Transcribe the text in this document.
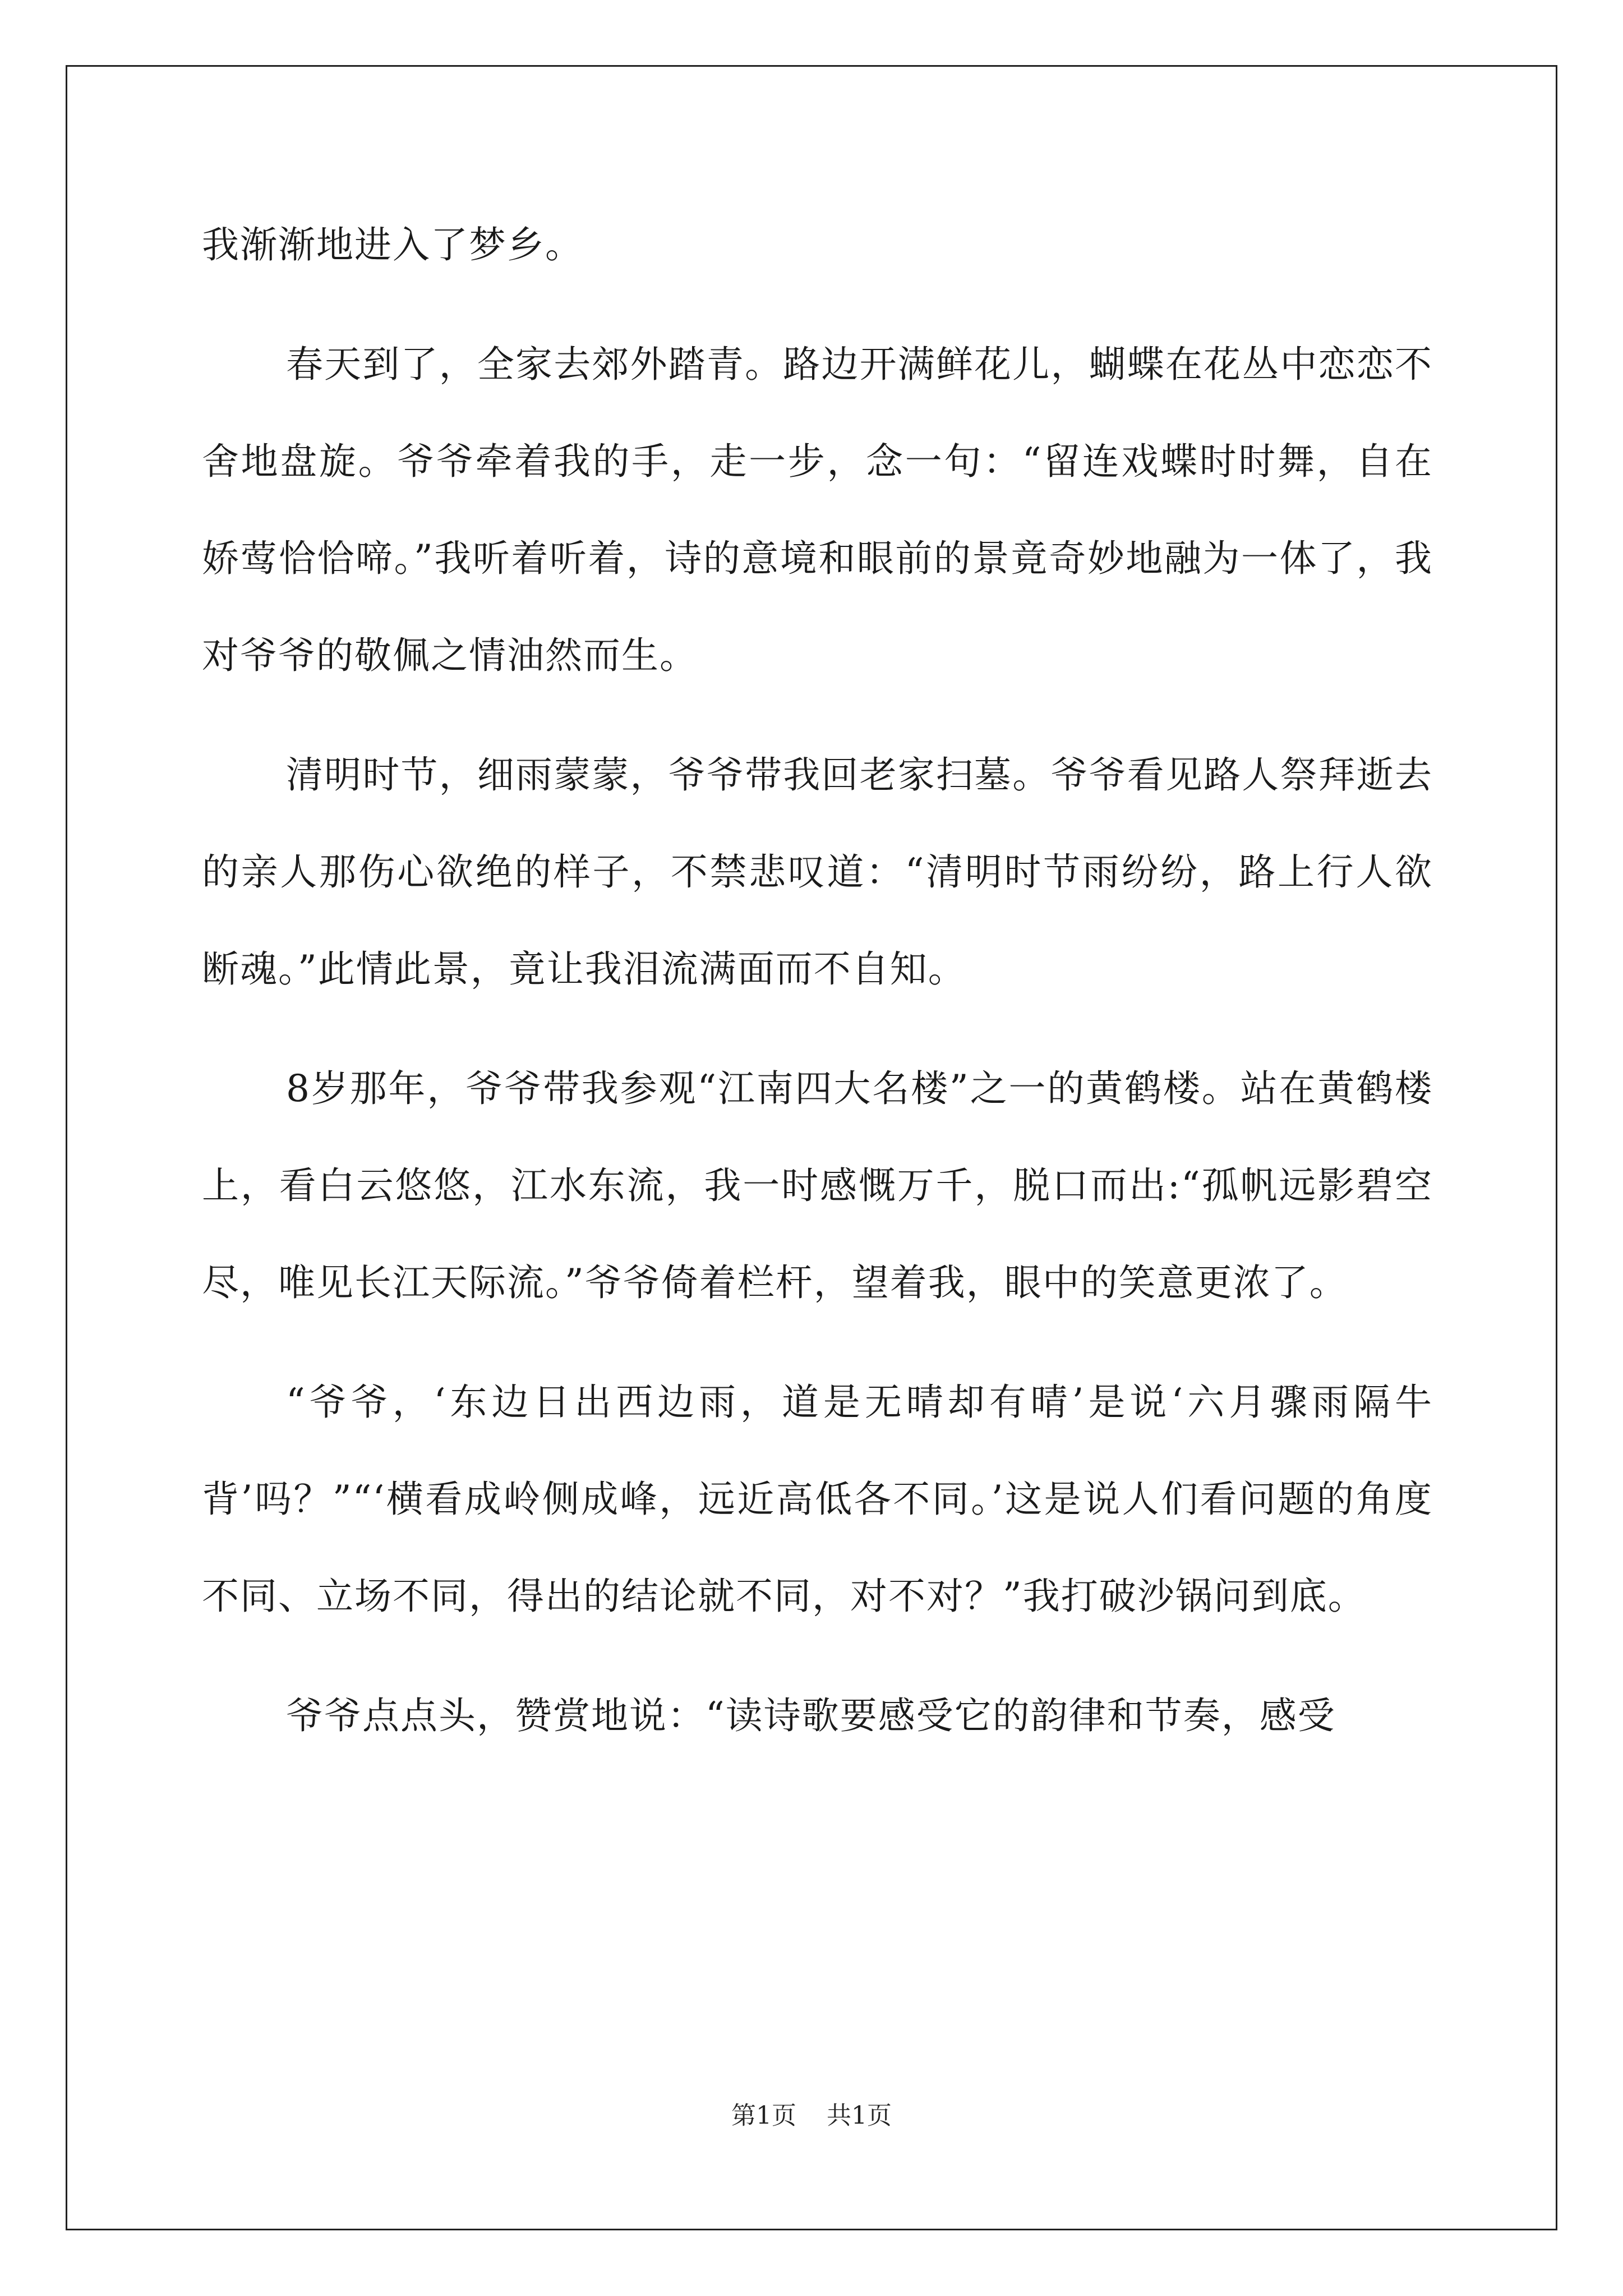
我渐渐地进入了梦乡。

春天到了，全家去郊外踏青。路边开满鲜花儿，蝴蝶在花丛中恋恋不舍地盘旋。爷爷牵着我的手，走一步，念一句：“留连戏蝶时时舞，自在娇莺恰恰啼。”我听着听着，诗的意境和眼前的景竟奇妙地融为一体了，我对爷爷的敬佩之情油然而生。

清明时节，细雨蒙蒙，爷爷带我回老家扫墓。爷爷看见路人祭拜逝去的亲人那伤心欲绝的样子，不禁悲叹道：“清明时节雨纷纷，路上行人欲断魂。”此情此景，竟让我泪流满面而不自知。

8岁那年，爷爷带我参观“江南四大名楼”之一的黄鹤楼。站在黄鹤楼上，看白云悠悠，江水东流，我一时感慨万千，脱口而出:“孤帆远影碧空尽，唯见长江天际流。”爷爷倚着栏杆，望着我，眼中的笑意更浓了。

“爷爷，‘东边日出西边雨，道是无晴却有晴’是说‘六月骤雨隔牛背’吗？”“‘横看成岭侧成峰，远近高低各不同。’这是说人们看问题的角度不同、立场不同，得出的结论就不同，对不对？”我打破沙锅问到底。

爷爷点点头，赞赏地说：“读诗歌要感受它的韵律和节奏，感受

第1页 共1页
